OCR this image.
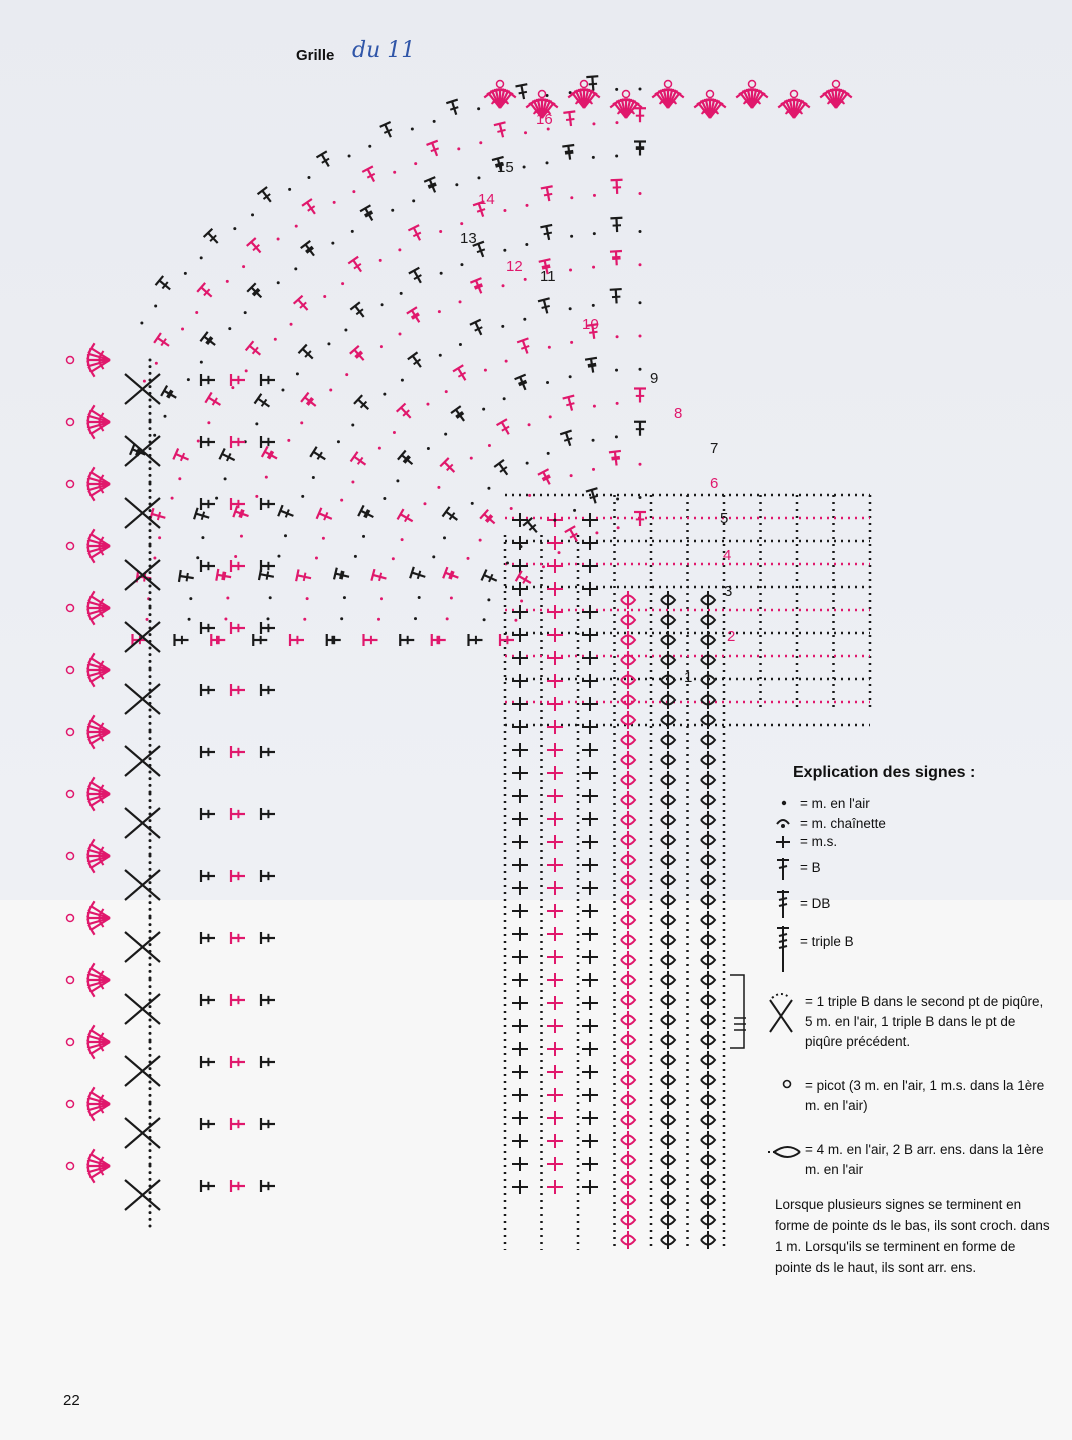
Grille du 11
1
2
3
4
5
6
7
8
9
10
11
12
13
14
15
16
Explication des signes :
= m. en l'air
= m. chaînette
= m.s.
= B
= DB
= triple B
= 1 triple B dans le second pt de piqûre, 5 m. en l'air, 1 triple B dans le pt de piqûre précédent.
= picot (3 m. en l'air, 1 m.s. dans la 1ère m. en l'air)
= 4 m. en l'air, 2 B arr. ens. dans la 1ère m. en l'air
Lorsque plusieurs signes se terminent en forme de pointe ds le bas, ils sont croch. dans 1 m. Lorsqu'ils se terminent en forme de pointe ds le haut, ils sont arr. ens.
22
